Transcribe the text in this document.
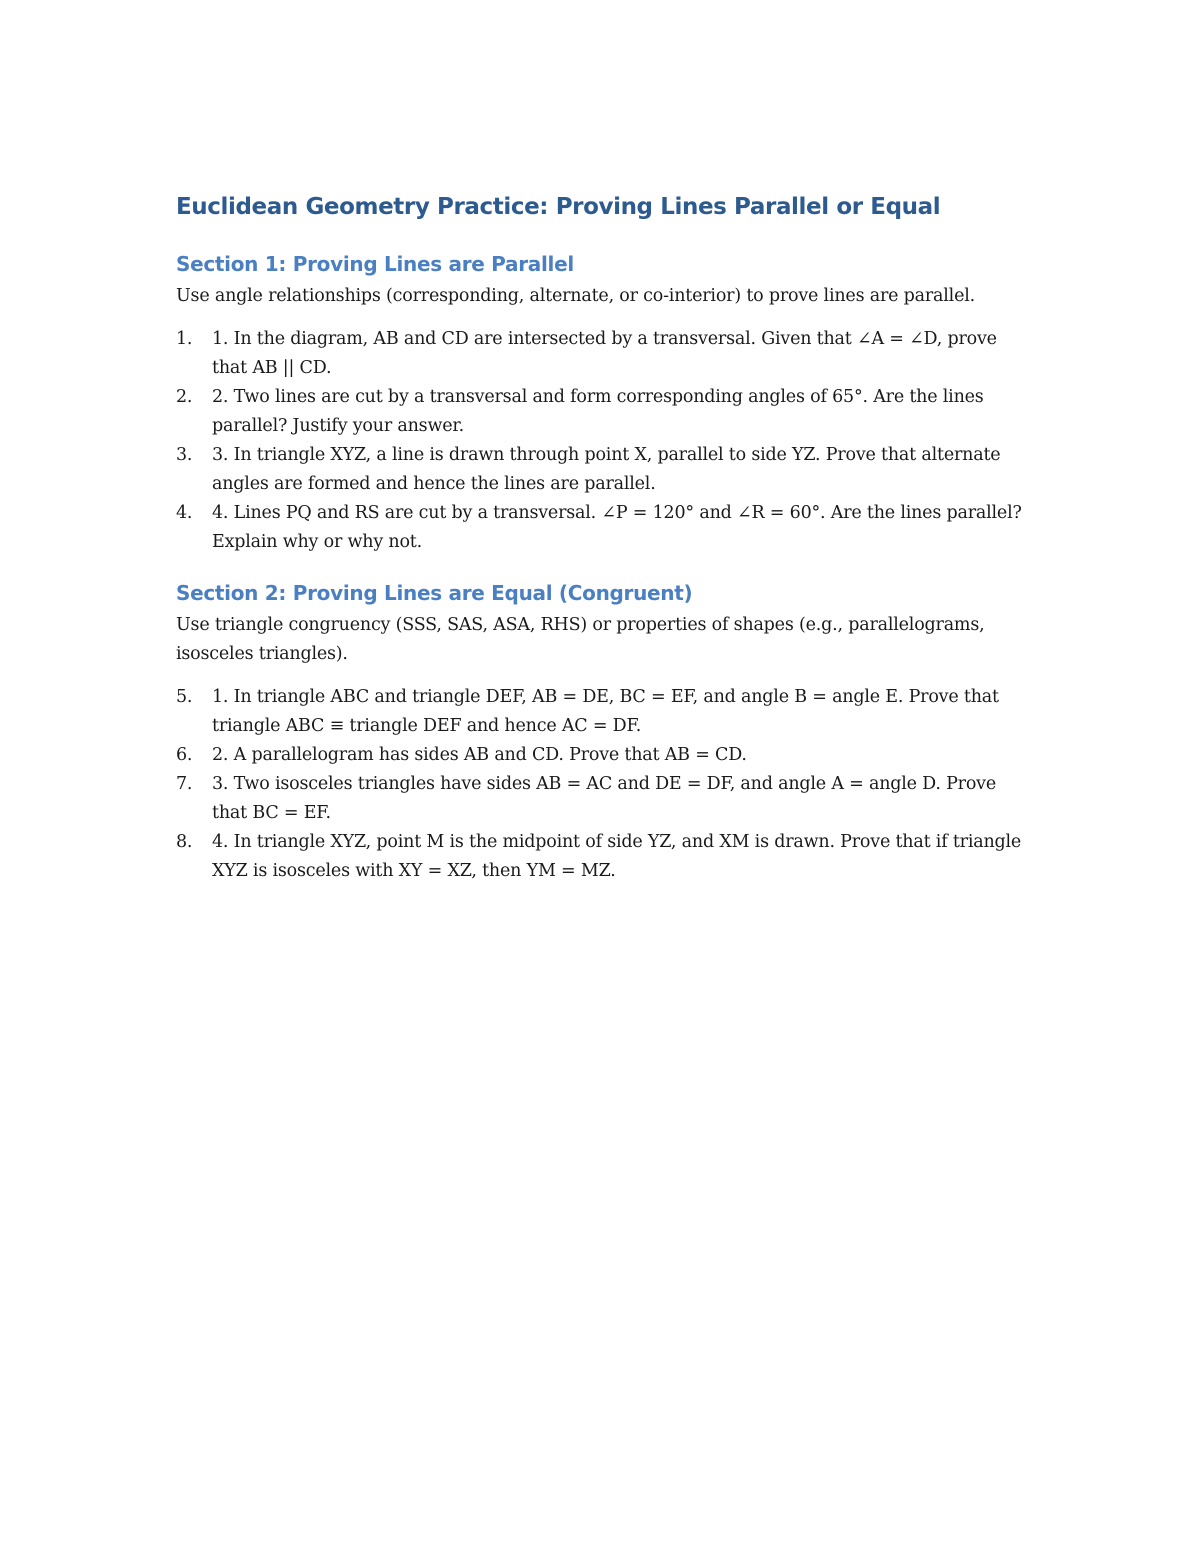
Euclidean Geometry Practice: Proving Lines Parallel or Equal
Section 1: Proving Lines are Parallel

Use angle relationships (corresponding, alternate, or co-interior) to prove lines are parallel.

1. 1. In the diagram, AB and CD are intersected by a transversal. Given that ∠A = ∠D, prove that AB || CD.
2. 2. Two lines are cut by a transversal and form corresponding angles of 65°. Are the lines parallel? Justify your answer.
3. 3. In triangle XYZ, a line is drawn through point X, parallel to side YZ. Prove that alternate angles are formed and hence the lines are parallel.
4. 4. Lines PQ and RS are cut by a transversal. ∠P = 120° and ∠R = 60°. Are the lines parallel? Explain why or why not.
Section 2: Proving Lines are Equal (Congruent)

Use triangle congruency (SSS, SAS, ASA, RHS) or properties of shapes (e.g., parallelograms, isosceles triangles).

5. 1. In triangle ABC and triangle DEF, AB = DE, BC = EF, and angle B = angle E. Prove that triangle ABC ≡ triangle DEF and hence AC = DF.
6. 2. A parallelogram has sides AB and CD. Prove that AB = CD.
7. 3. Two isosceles triangles have sides AB = AC and DE = DF, and angle A = angle D. Prove that BC = EF.
8. 4. In triangle XYZ, point M is the midpoint of side YZ, and XM is drawn. Prove that if triangle XYZ is isosceles with XY = XZ, then YM = MZ.
